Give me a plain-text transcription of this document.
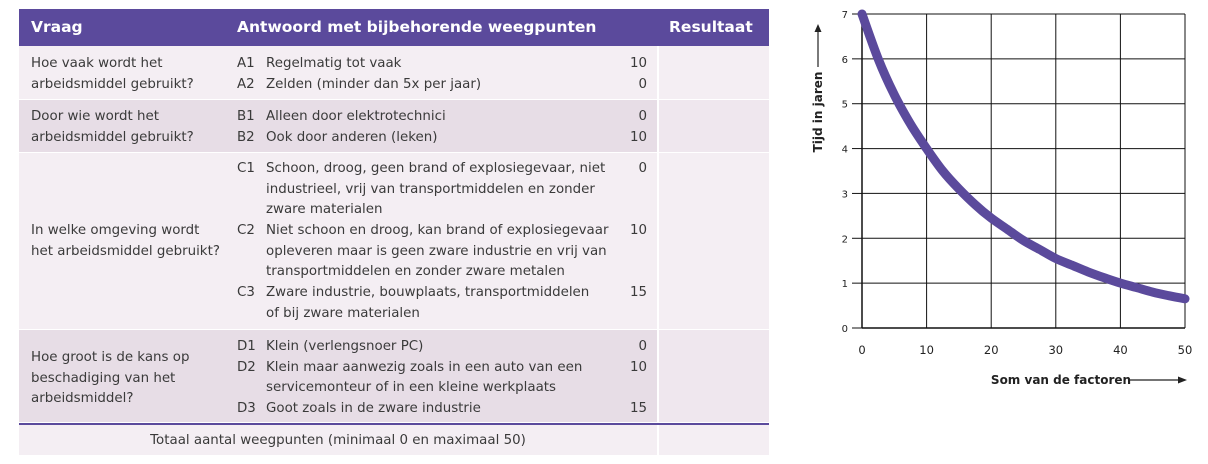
Vraag	Antwoord met bijbehorende weegpunten	Resultaat
Hoe vaak wordt het
arbeidsmiddel gebruikt?
A1 Regelmatig tot vaak	10
A2 Zelden (minder dan 5x per jaar)	0
Door wie wordt het
arbeidsmiddel gebruikt?
B1 Alleen door elektrotechnici	0
B2 Ook door anderen (leken)	10
In welke omgeving wordt
het arbeidsmiddel gebruikt?
C1 Schoon, droog, geen brand of explosiegevaar, niet
industrieel, vrij van transportmiddelen en zonder
zware materialen
0
C2 Niet schoon en droog, kan brand of explosiegevaar
opleveren maar is geen zware industrie en vrij van
transportmiddelen en zonder zware metalen
10
C3 Zware industrie, bouwplaats, transportmiddelen
of bij zware materialen
15
Hoe groot is de kans op
beschadiging van het
arbeidsmiddel?
D1 Klein (verlengsnoer PC)	0
D2 Klein maar aanwezig zoals in een auto van een
servicemonteur of in een kleine werkplaats
10
D3 Goot zoals in de zware industrie	15
Totaal aantal weegpunten (minimaal 0 en maximaal 50)
0	10	20	30	40	50
0
1
2
3
4
5
6
7
Tijd in jaren
Som van de factoren
